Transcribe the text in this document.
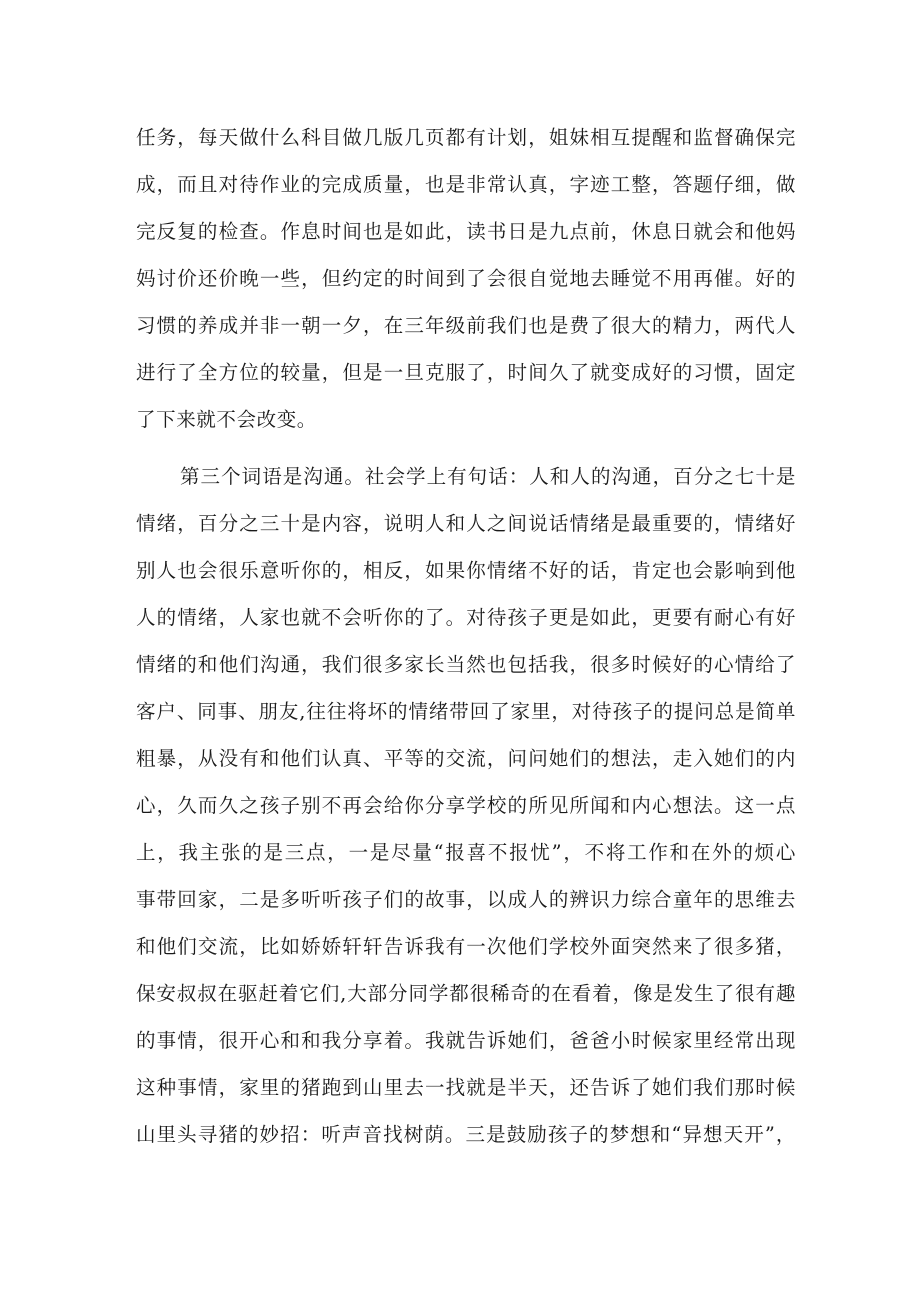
任务，每天做什么科目做几版几页都有计划，姐妹相互提醒和监督确保完
成，而且对待作业的完成质量，也是非常认真，字迹工整，答题仔细，做
完反复的检查。作息时间也是如此，读书日是九点前，休息日就会和他妈
妈讨价还价晚一些，但约定的时间到了会很自觉地去睡觉不用再催。好的
习惯的养成并非一朝一夕，在三年级前我们也是费了很大的精力，两代人
进行了全方位的较量，但是一旦克服了，时间久了就变成好的习惯，固定
了下来就不会改变。
第三个词语是沟通。社会学上有句话：人和人的沟通，百分之七十是
情绪，百分之三十是内容，说明人和人之间说话情绪是最重要的，情绪好
别人也会很乐意听你的，相反，如果你情绪不好的话，肯定也会影响到他
人的情绪，人家也就不会听你的了。对待孩子更是如此，更要有耐心有好
情绪的和他们沟通，我们很多家长当然也包括我，很多时候好的心情给了
客户、同事、朋友,往往将坏的情绪带回了家里，对待孩子的提问总是简单
粗暴，从没有和他们认真、平等的交流，问问她们的想法，走入她们的内
心，久而久之孩子别不再会给你分享学校的所见所闻和内心想法。这一点
上，我主张的是三点，一是尽量“报喜不报忧”，不将工作和在外的烦心
事带回家，二是多听听孩子们的故事，以成人的辨识力综合童年的思维去
和他们交流，比如娇娇轩轩告诉我有一次他们学校外面突然来了很多猪，
保安叔叔在驱赶着它们,大部分同学都很稀奇的在看着，像是发生了很有趣
的事情，很开心和和我分享着。我就告诉她们，爸爸小时候家里经常出现
这种事情，家里的猪跑到山里去一找就是半天，还告诉了她们我们那时候
山里头寻猪的妙招：听声音找树荫。三是鼓励孩子的梦想和“异想天开”，
